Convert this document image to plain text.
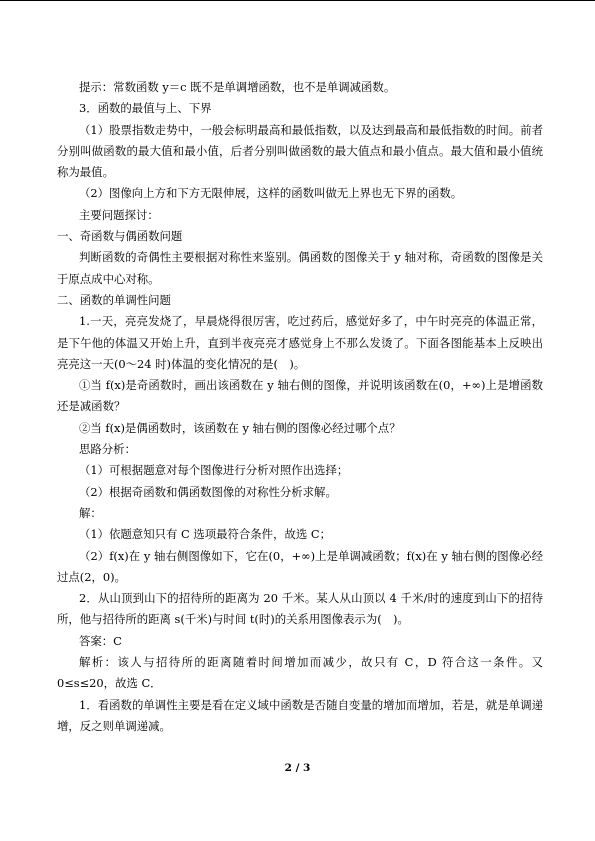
提示：常数函数 y＝c 既不是单调增函数，也不是单调减函数。

3．函数的最值与上、下界

（1）股票指数走势中，一般会标明最高和最低指数，以及达到最高和最低指数的时间。前者分别叫做函数的最大值和最小值，后者分别叫做函数的最大值点和最小值点。最大值和最小值统称为最值。

（2）图像向上方和下方无限伸展，这样的函数叫做无上界也无下界的函数。

主要问题探讨：

一、奇函数与偶函数问题

判断函数的奇偶性主要根据对称性来鉴别。偶函数的图像关于 y 轴对称，奇函数的图像是关于原点成中心对称。

二、函数的单调性问题

1.一天，亮亮发烧了，早晨烧得很厉害，吃过药后，感觉好多了，中午时亮亮的体温正常，是下午他的体温又开始上升，直到半夜亮亮才感觉身上不那么发烫了。下面各图能基本上反映出亮亮这一天(0～24 时)体温的变化情况的是(　)。

①当 f(x)是奇函数时，画出该函数在 y 轴右侧的图像，并说明该函数在(0，+∞)上是增函数还是减函数？

②当 f(x)是偶函数时，该函数在 y 轴右侧的图像必经过哪个点？

思路分析：

（1）可根据题意对每个图像进行分析对照作出选择；

（2）根据奇函数和偶函数图像的对称性分析求解。

解：

（1）依题意知只有 C 选项最符合条件，故选 C；

（2）f(x)在 y 轴右侧图像如下，它在(0，+∞)上是单调减函数；f(x)在 y 轴右侧的图像必经过点(2，0)。

2．从山顶到山下的招待所的距离为 20 千米。某人从山顶以 4 千米/时的速度到山下的招待所，他与招待所的距离 s(千米)与时间 t(时)的关系用图像表示为(　)。

答案：C

解析：该人与招待所的距离随着时间增加而减少，故只有 C，D 符合这一条件。又0≤s≤20，故选 C．

1．看函数的单调性主要是看在定义域中函数是否随自变量的增加而增加，若是，就是单调递增，反之则单调递减。

2 / 3
